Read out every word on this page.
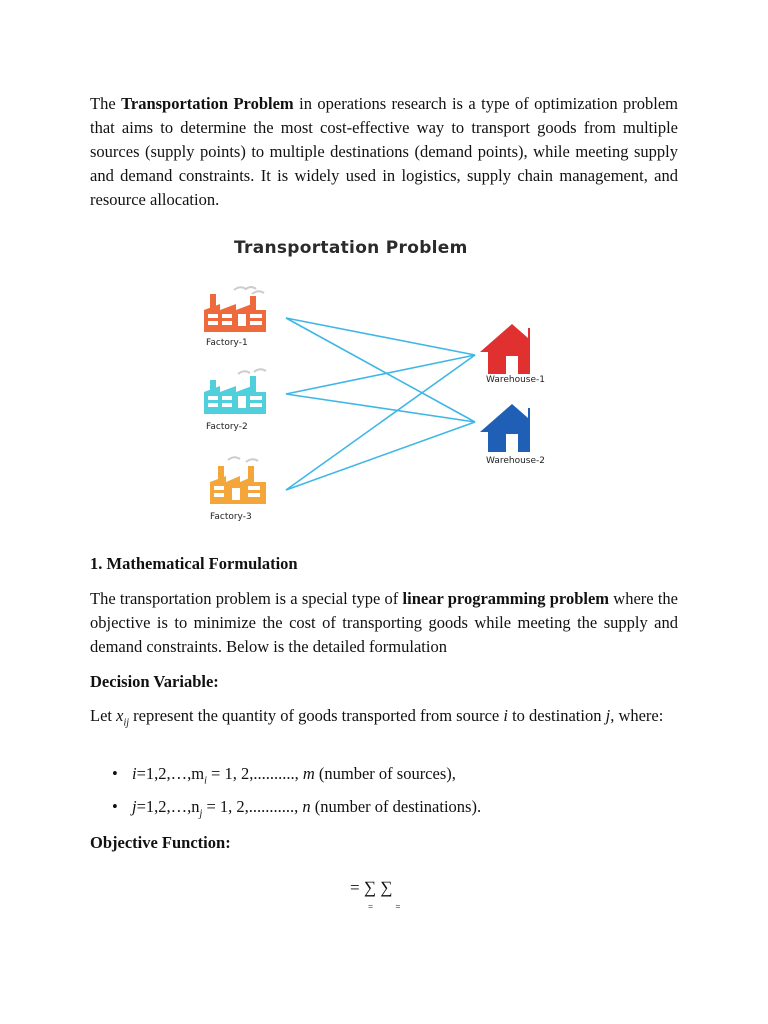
The Transportation Problem in operations research is a type of optimization problem that aims to determine the most cost-effective way to transport goods from multiple sources (supply points) to multiple destinations (demand points), while meeting supply and demand constraints. It is widely used in logistics, supply chain management, and resource allocation.

Transportation Problem
Factory-1
Factory-2
Factory-3
Warehouse-1
Warehouse-2
1. Mathematical Formulation

The transportation problem is a special type of linear programming problem where the objective is to minimize the cost of transporting goods while meeting the supply and demand constraints. Below is the detailed formulation

Decision Variable:

Let $x_{ij}$ represent the quantity of goods transported from source i to destination j, where:

• $i=1,2,\dots,m_i = 1$, 2,.........., m (number of sources),
• $j=1,2,\dots,n_j = 1$, 2,..........., n (number of destinations).
Objective Function:
= ∑ ∑
= =
